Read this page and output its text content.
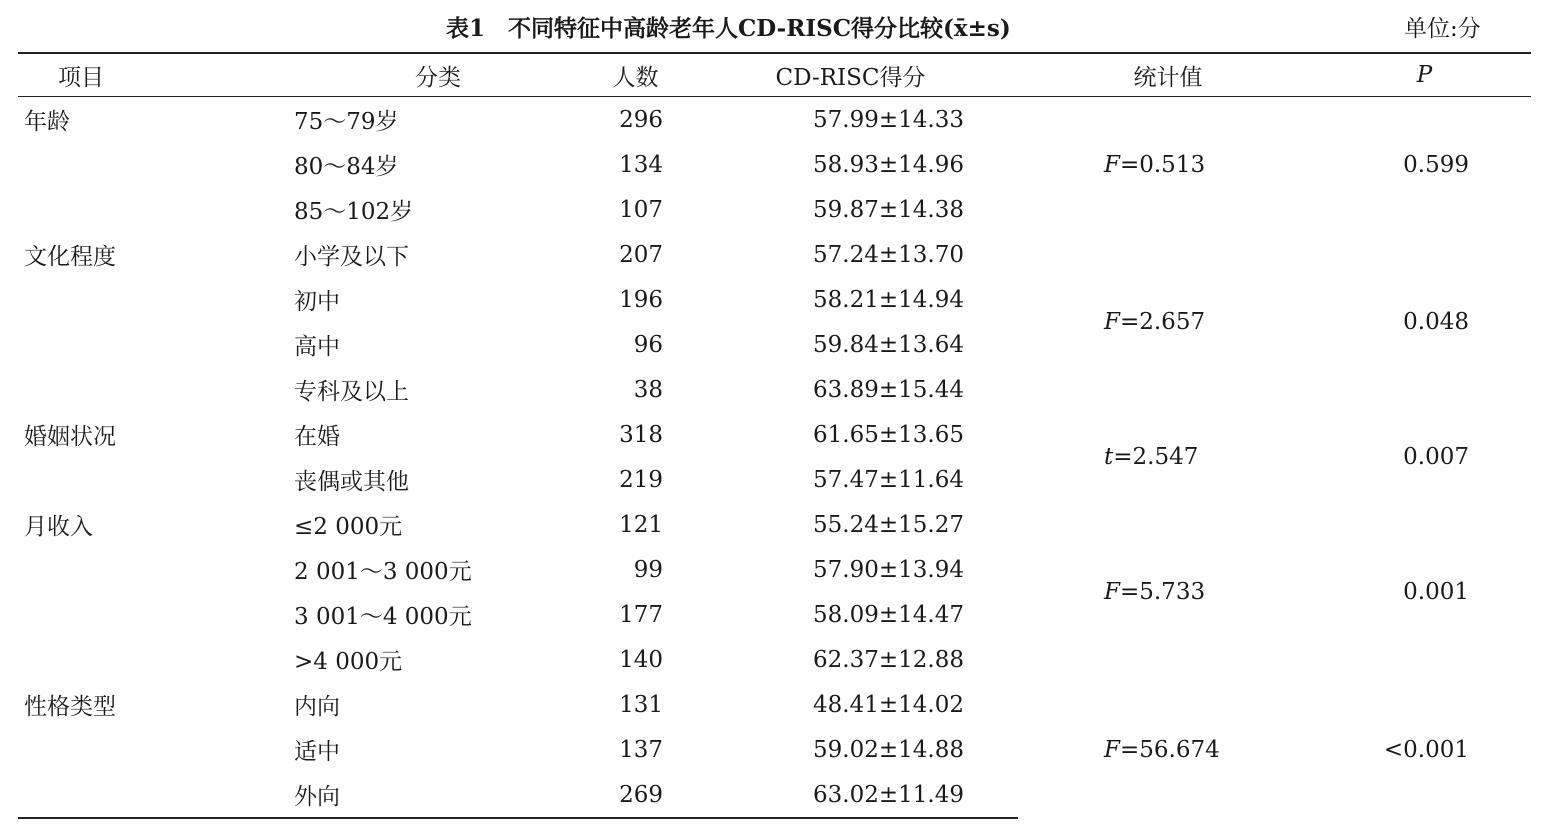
表1　不同特征中高龄老年人CD-RISC得分比较(x̄±s)	单位:分
项目	分类	人数	CD-RISC得分	统计值	P
年龄	75～79岁	296	57.99±14.33	F=0.513	0.599
	80～84岁	134	58.93±14.96		
	85～102岁	107	59.87±14.38		
文化程度	小学及以下	207	57.24±13.70	F=2.657	0.048
	初中	196	58.21±14.94		
	高中	96	59.84±13.64		
	专科及以上	38	63.89±15.44		
婚姻状况	在婚	318	61.65±13.65	t=2.547	0.007
	丧偶或其他	219	57.47±11.64		
月收入	≤2 000元	121	55.24±15.27	F=5.733	0.001
	2 001～3 000元	99	57.90±13.94		
	3 001～4 000元	177	58.09±14.47		
	>4 000元	140	62.37±12.88		
性格类型	内向	131	48.41±14.02	F=56.674	<0.001
	适中	137	59.02±14.88		
	外向	269	63.02±11.49		
